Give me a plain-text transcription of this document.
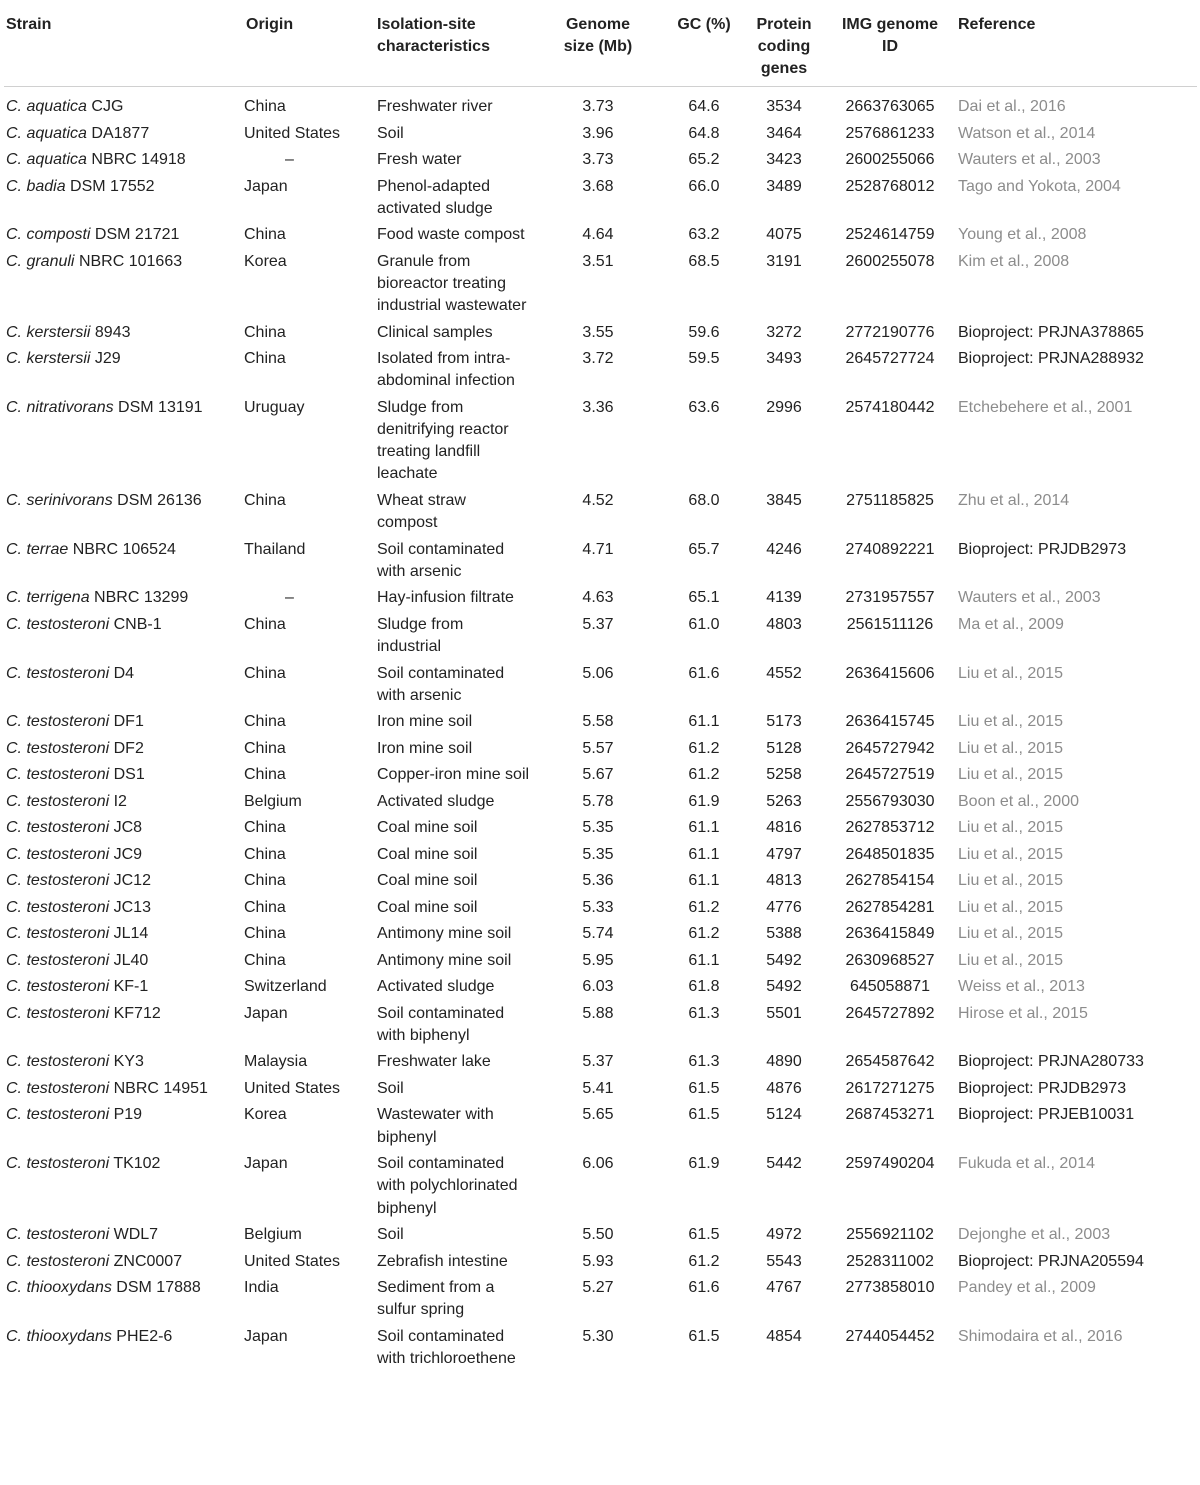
Strain	Origin	Isolation-site characteristics	Genome size (Mb)	GC (%)	Protein coding genes	IMG genome ID	Reference
C. aquatica CJG	China	Freshwater river	3.73	64.6	3534	2663763065	Dai et al., 2016
C. aquatica DA1877	United States	Soil	3.96	64.8	3464	2576861233	Watson et al., 2014
C. aquatica NBRC 14918	–	Fresh water	3.73	65.2	3423	2600255066	Wauters et al., 2003
C. badia DSM 17552	Japan	Phenol-adapted activated sludge	3.68	66.0	3489	2528768012	Tago and Yokota, 2004
C. composti DSM 21721	China	Food waste compost	4.64	63.2	4075	2524614759	Young et al., 2008
C. granuli NBRC 101663	Korea	Granule from bioreactor treating industrial wastewater	3.51	68.5	3191	2600255078	Kim et al., 2008
C. kerstersii 8943	China	Clinical samples	3.55	59.6	3272	2772190776	Bioproject: PRJNA378865
C. kerstersii J29	China	Isolated from intra-abdominal infection	3.72	59.5	3493	2645727724	Bioproject: PRJNA288932
C. nitrativorans DSM 13191	Uruguay	Sludge from denitrifying reactor treating landfill leachate	3.36	63.6	2996	2574180442	Etchebehere et al., 2001
C. serinivorans DSM 26136	China	Wheat straw compost	4.52	68.0	3845	2751185825	Zhu et al., 2014
C. terrae NBRC 106524	Thailand	Soil contaminated with arsenic	4.71	65.7	4246	2740892221	Bioproject: PRJDB2973
C. terrigena NBRC 13299	–	Hay-infusion filtrate	4.63	65.1	4139	2731957557	Wauters et al., 2003
C. testosteroni CNB-1	China	Sludge from industrial	5.37	61.0	4803	2561511126	Ma et al., 2009
C. testosteroni D4	China	Soil contaminated with arsenic	5.06	61.6	4552	2636415606	Liu et al., 2015
C. testosteroni DF1	China	Iron mine soil	5.58	61.1	5173	2636415745	Liu et al., 2015
C. testosteroni DF2	China	Iron mine soil	5.57	61.2	5128	2645727942	Liu et al., 2015
C. testosteroni DS1	China	Copper-iron mine soil	5.67	61.2	5258	2645727519	Liu et al., 2015
C. testosteroni I2	Belgium	Activated sludge	5.78	61.9	5263	2556793030	Boon et al., 2000
C. testosteroni JC8	China	Coal mine soil	5.35	61.1	4816	2627853712	Liu et al., 2015
C. testosteroni JC9	China	Coal mine soil	5.35	61.1	4797	2648501835	Liu et al., 2015
C. testosteroni JC12	China	Coal mine soil	5.36	61.1	4813	2627854154	Liu et al., 2015
C. testosteroni JC13	China	Coal mine soil	5.33	61.2	4776	2627854281	Liu et al., 2015
C. testosteroni JL14	China	Antimony mine soil	5.74	61.2	5388	2636415849	Liu et al., 2015
C. testosteroni JL40	China	Antimony mine soil	5.95	61.1	5492	2630968527	Liu et al., 2015
C. testosteroni KF-1	Switzerland	Activated sludge	6.03	61.8	5492	645058871	Weiss et al., 2013
C. testosteroni KF712	Japan	Soil contaminated with biphenyl	5.88	61.3	5501	2645727892	Hirose et al., 2015
C. testosteroni KY3	Malaysia	Freshwater lake	5.37	61.3	4890	2654587642	Bioproject: PRJNA280733
C. testosteroni NBRC 14951	United States	Soil	5.41	61.5	4876	2617271275	Bioproject: PRJDB2973
C. testosteroni P19	Korea	Wastewater with biphenyl	5.65	61.5	5124	2687453271	Bioproject: PRJEB10031
C. testosteroni TK102	Japan	Soil contaminated with polychlorinated biphenyl	6.06	61.9	5442	2597490204	Fukuda et al., 2014
C. testosteroni WDL7	Belgium	Soil	5.50	61.5	4972	2556921102	Dejonghe et al., 2003
C. testosteroni ZNC0007	United States	Zebrafish intestine	5.93	61.2	5543	2528311002	Bioproject: PRJNA205594
C. thiooxydans DSM 17888	India	Sediment from a sulfur spring	5.27	61.6	4767	2773858010	Pandey et al., 2009
C. thiooxydans PHE2-6	Japan	Soil contaminated with trichloroethene	5.30	61.5	4854	2744054452	Shimodaira et al., 2016
